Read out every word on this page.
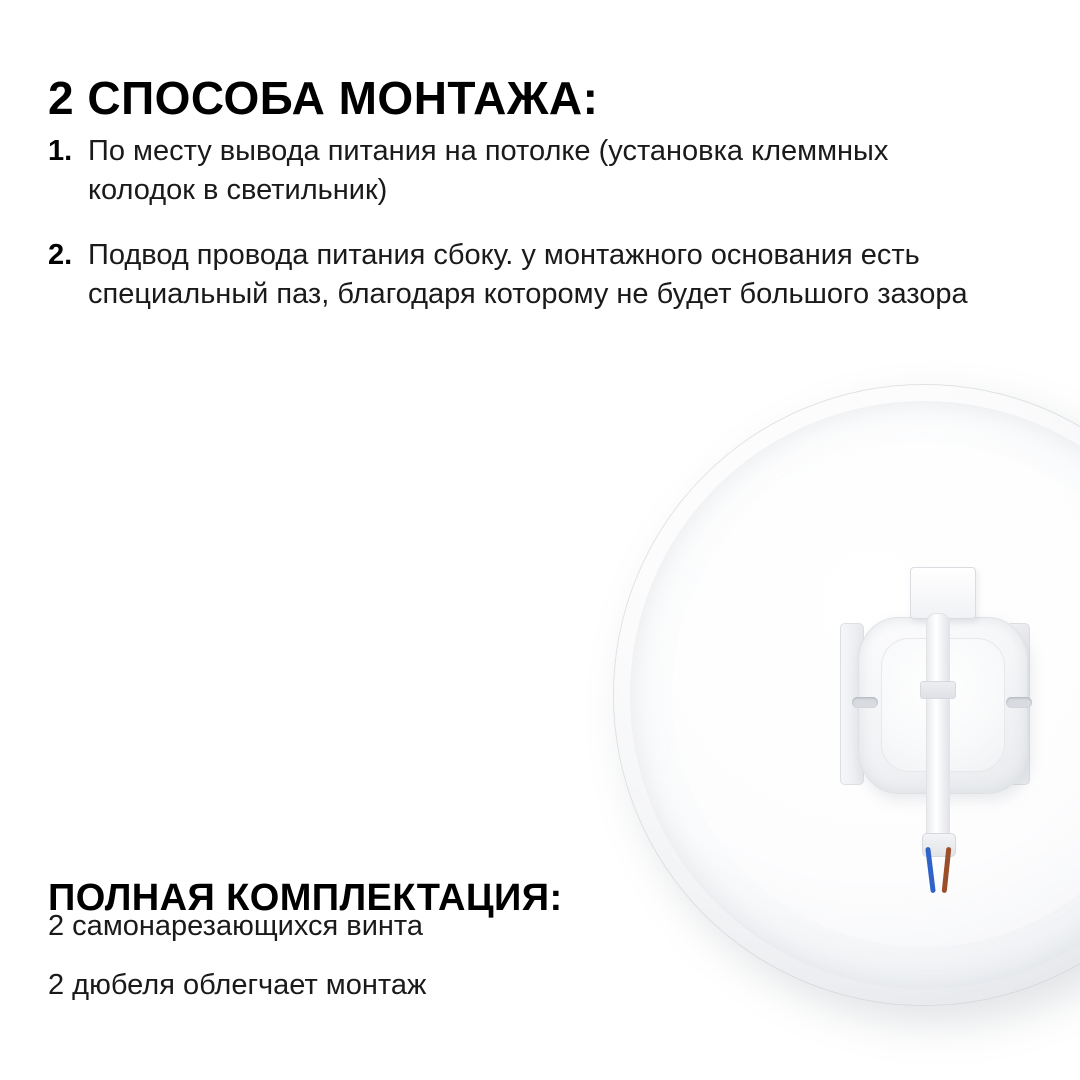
2 СПОСОБА МОНТАЖА:
1. По месту вывода питания на потолке (установка клеммных колодок в светильник)
2. Подвод провода питания сбоку. у монтажного основания есть специальный паз, благодаря которому не будет большого зазора
ПОЛНАЯ КОМПЛЕКТАЦИЯ:
2 самонарезающихся винта
2 дюбеля облегчает монтаж
